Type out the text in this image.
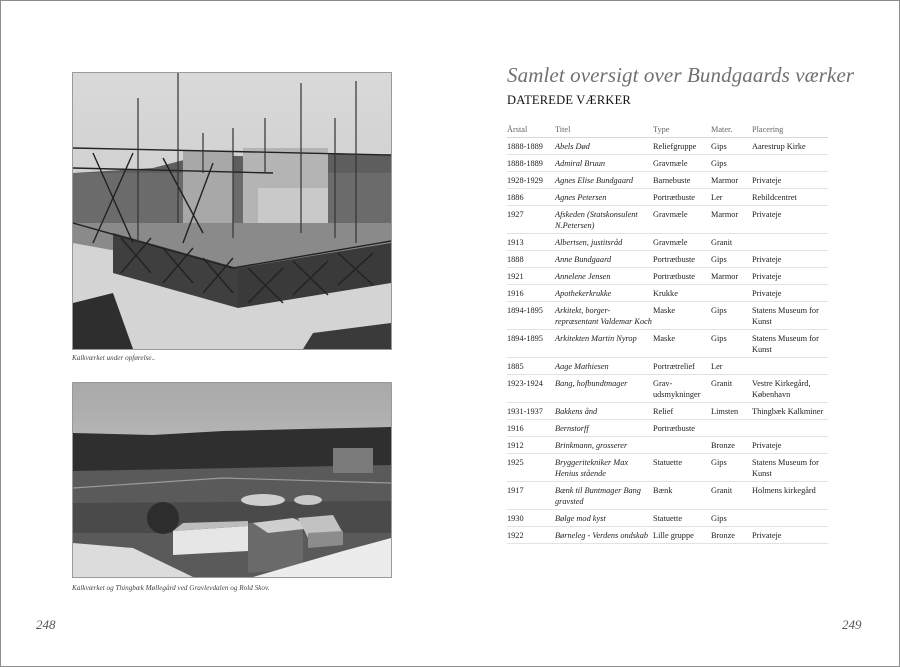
Kalkværket under opførelse..
Kalkværket og Thingbæk Møllegård ved Gravlevdalen og Rold Skov.
248
Samlet oversigt over Bundgaards værker
DATEREDE VÆRKER
Årstal	Titel	Type	Mater.	Placering
1888-1889	Abels Død	Reliefgruppe	Gips	Aarestrup Kirke
1888-1889	Admiral Bruun	Gravmæle	Gips	
1928-1929	Agnes Elise Bundgaard	Barnebuste	Marmor	Privateje
1886	Agnes Petersen	Portrætbuste	Ler	Rebildcentret
1927	Afskeden (Statskonsulent N.Petersen)	Gravmæle	Marmor	Privateje
1913	Albertsen, justitsråd	Gravmæle	Granit	
1888	Anne Bundgaard	Portrætbuste	Gips	Privateje
1921	Annelene Jensen	Portrætbuste	Marmor	Privateje
1916	Apothekerkrukke	Krukke		Privateje
1894-1895	Arkitekt, borger-repræsentant Valdemar Koch	Maske	Gips	Statens Museum for Kunst
1894-1895	Arkitekten Martin Nyrop	Maske	Gips	Statens Museum for Kunst
1885	Aage Mathiesen	Portrætrelief	Ler	
1923-1924	Bang, hofbundtmager	Grav-udsmykninger	Granit	Vestre Kirkegård, København
1931-1937	Bakkens ånd	Relief	Limsten	Thingbæk Kalkminer
1916	Bernstorff	Portrætbuste		
1912	Brinkmann, grosserer		Bronze	Privateje
1925	Bryggeritekniker Max Henius stående	Statuette	Gips	Statens Museum for Kunst
1917	Bænk til Buntmager Bang gravsted	Bænk	Granit	Holmens kirkegård
1930	Bølge mod kyst	Statuette	Gips	
1922	Børneleg - Verdens ondskab	Lille gruppe	Bronze	Privateje
249
